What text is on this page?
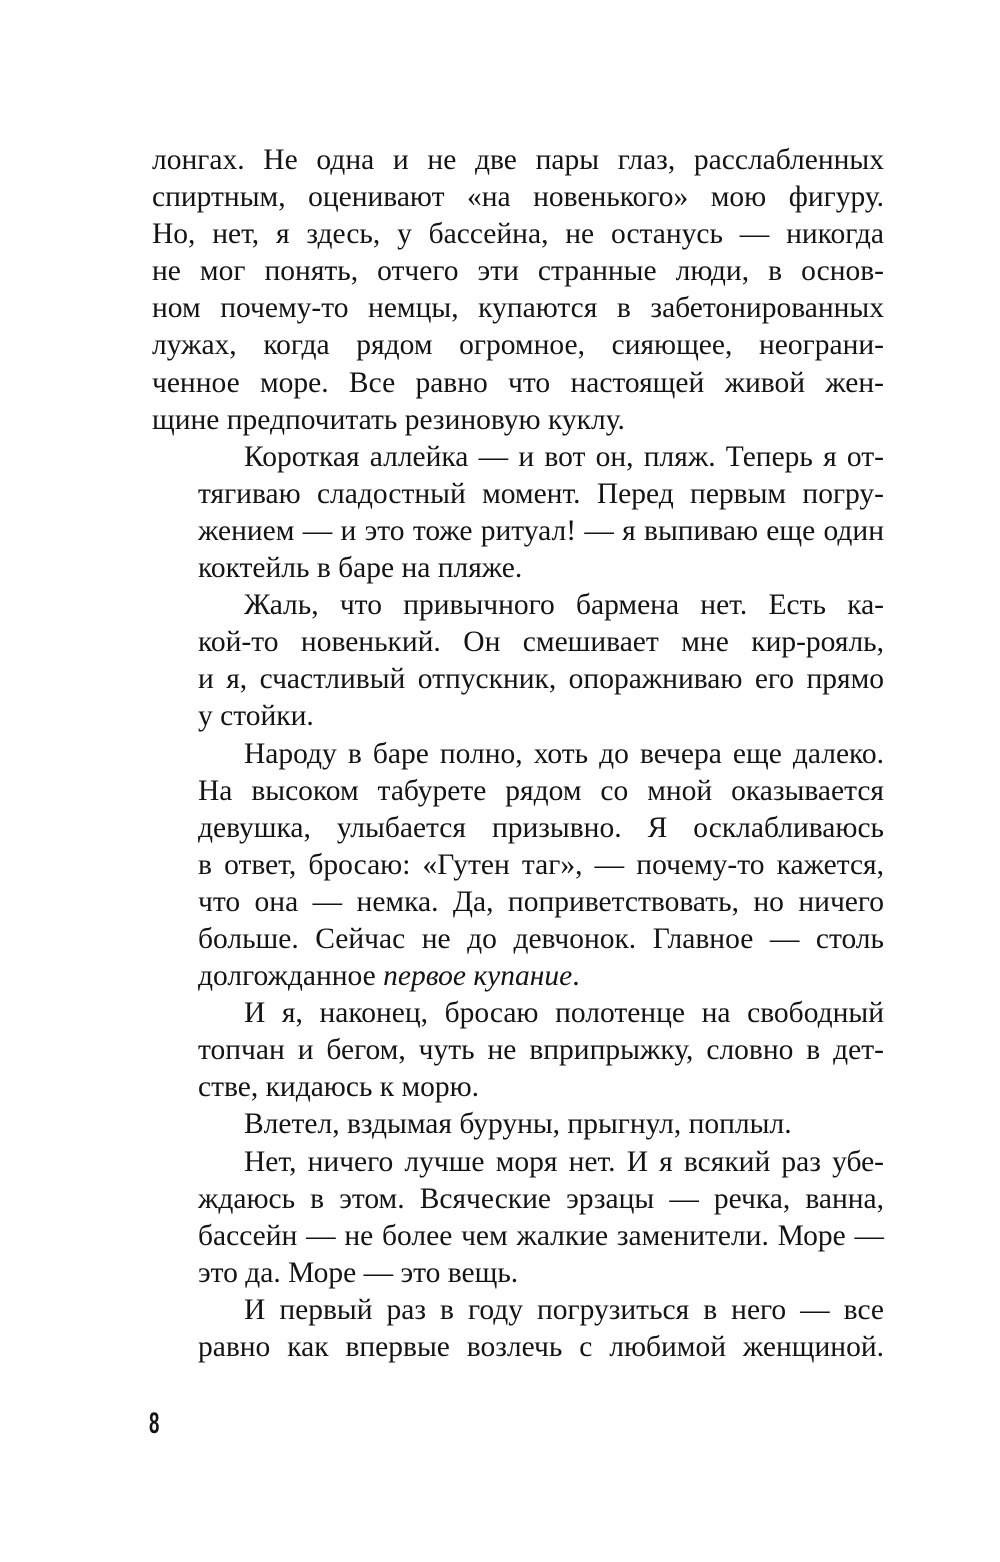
лонгах. Не одна и не две пары глаз, расслабленных
спиртным, оценивают «на новенького» мою фигуру.
Но, нет, я здесь, у бассейна, не останусь — никогда
не мог понять, отчего эти странные люди, в основ-
ном почему-то немцы, купаются в забетонированных
лужах, когда рядом огромное, сияющее, неограни-
ченное море. Все равно что настоящей живой жен-
щине предпочитать резиновую куклу.

Короткая аллейка — и вот он, пляж. Теперь я от-
тягиваю сладостный момент. Перед первым погру-
жением — и это тоже ритуал! — я выпиваю еще один
коктейль в баре на пляже.

Жаль, что привычного бармена нет. Есть ка-
кой-то новенький. Он смешивает мне кир-рояль,
и я, счастливый отпускник, опоражниваю его прямо
у стойки.

Народу в баре полно, хоть до вечера еще далеко.
На высоком табурете рядом со мной оказывается
девушка, улыбается призывно. Я осклабливаюсь
в ответ, бросаю: «Гутен таг», — почему-то кажется,
что она — немка. Да, поприветствовать, но ничего
больше. Сейчас не до девчонок. Главное — столь
долгожданное первое купание.

И я, наконец, бросаю полотенце на свободный
топчан и бегом, чуть не вприпрыжку, словно в дет-
стве, кидаюсь к морю.

Влетел, вздымая буруны, прыгнул, поплыл.

Нет, ничего лучше моря нет. И я всякий раз убе-
ждаюсь в этом. Всяческие эрзацы — речка, ванна,
бассейн — не более чем жалкие заменители. Море —
это да. Море — это вещь.

И первый раз в году погрузиться в него — все
равно как впервые возлечь с любимой женщиной.

8
